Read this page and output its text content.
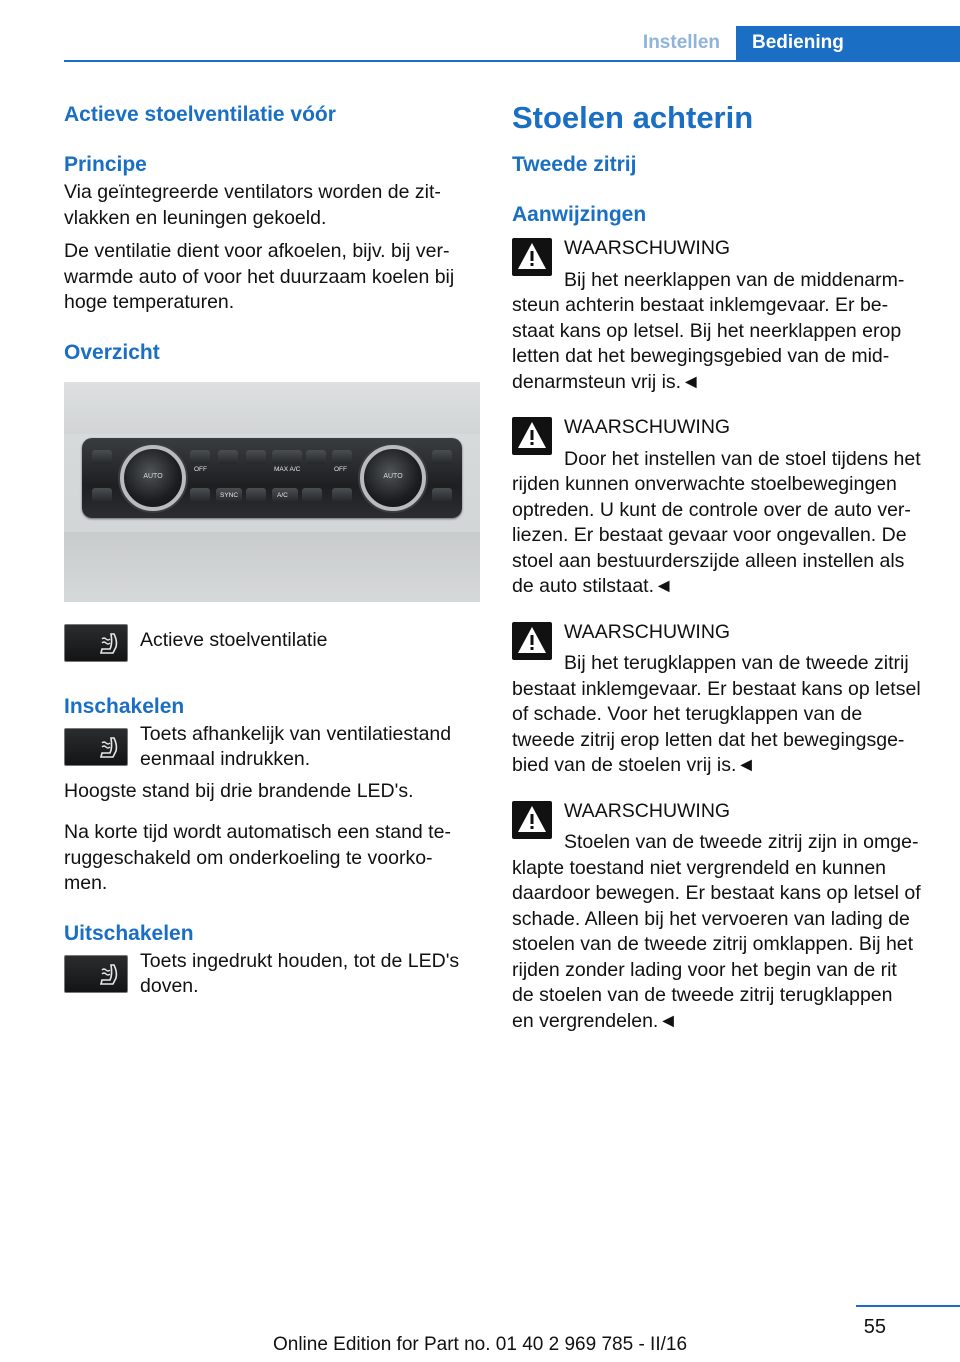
Instellen	Bediening
Actieve stoelventilatie vóór
Principe
Via geïntegreerde ventilators worden de zit‐
vlakken en leuningen gekoeld.
De ventilatie dient voor afkoelen, bijv. bij ver‐
warmde auto of voor het duurzaam koelen bij
hoge temperaturen.
Overzicht
OFF	MAX A/C	OFF
SYNC	A/C
AUTO	AUTO
Actieve stoelventilatie
Inschakelen
Toets afhankelijk van ventilatiestand
eenmaal indrukken.
Hoogste stand bij drie brandende LED's.
Na korte tijd wordt automatisch een stand te‐
ruggeschakeld om onderkoeling te voorko‐
men.
Uitschakelen
Toets ingedrukt houden, tot de LED's
doven.
Stoelen achterin
Tweede zitrij
Aanwijzingen
WAARSCHUWING
Bij het neerklappen van de middenarm‐
steun achterin bestaat inklemgevaar. Er be‐
staat kans op letsel. Bij het neerklappen erop
letten dat het bewegingsgebied van de mid‐
denarmsteun vrij is.◄
WAARSCHUWING
Door het instellen van de stoel tijdens het
rijden kunnen onverwachte stoelbewegingen
optreden. U kunt de controle over de auto ver‐
liezen. Er bestaat gevaar voor ongevallen. De
stoel aan bestuurderszijde alleen instellen als
de auto stilstaat.◄
WAARSCHUWING
Bij het terugklappen van de tweede zitrij
bestaat inklemgevaar. Er bestaat kans op letsel
of schade. Voor het terugklappen van de
tweede zitrij erop letten dat het bewegingsge‐
bied van de stoelen vrij is.◄
WAARSCHUWING
Stoelen van de tweede zitrij zijn in omge‐
klapte toestand niet vergrendeld en kunnen
daardoor bewegen. Er bestaat kans op letsel of
schade. Alleen bij het vervoeren van lading de
stoelen van de tweede zitrij omklappen. Bij het
rijden zonder lading voor het begin van de rit
de stoelen van de tweede zitrij terugklappen
en vergrendelen.◄
55
Online Edition for Part no. 01 40 2 969 785 - II/16
